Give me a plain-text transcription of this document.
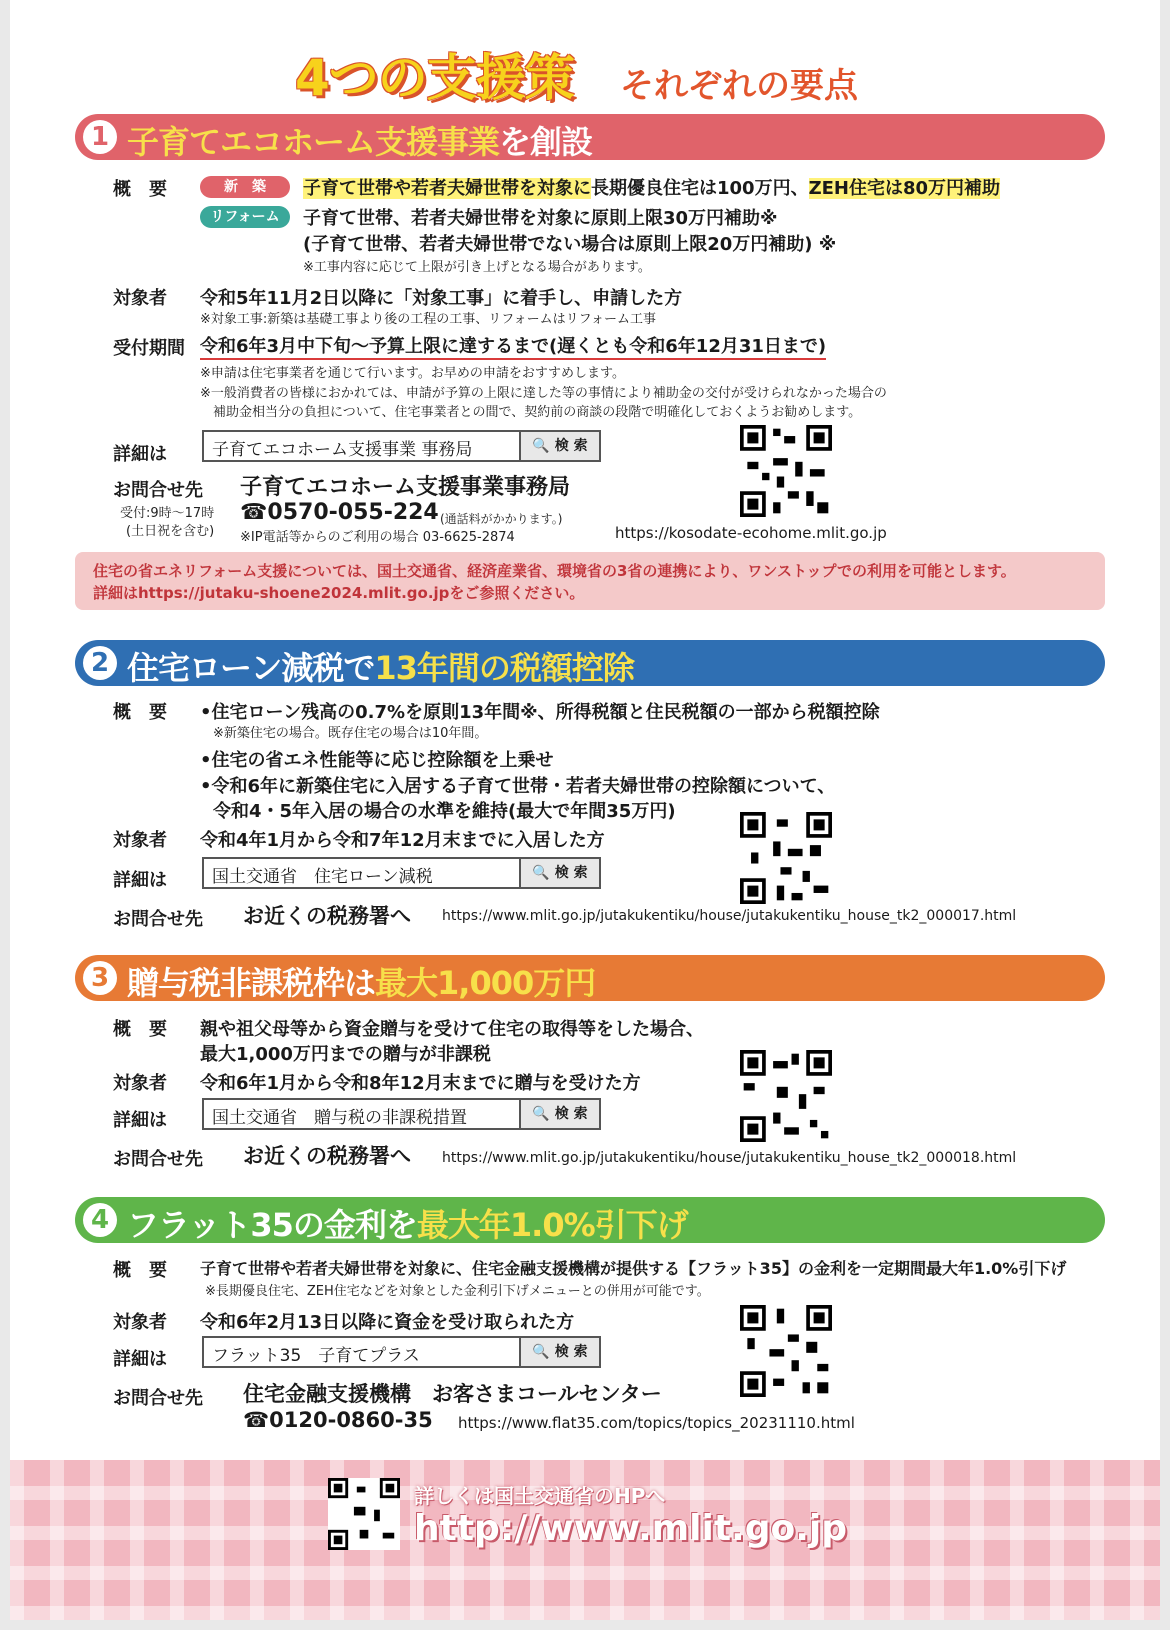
4つの支援策 それぞれの要点
1 子育てエコホーム支援事業を創設
概　要	新　築	子育て世帯や若者夫婦世帯を対象に長期優良住宅は100万円、ZEH住宅は80万円補助
リフォーム	子育て世帯、若者夫婦世帯を対象に原則上限30万円補助※
(子育て世帯、若者夫婦世帯でない場合は原則上限20万円補助) ※
※工事内容に応じて上限が引き上げとなる場合があります。
対象者 令和5年11月2日以降に「対象工事」に着手し、申請した方
※対象工事:新築は基礎工事より後の工程の工事、リフォームはリフォーム工事
受付期間 令和6年3月中下旬〜予算上限に達するまで(遅くとも令和6年12月31日まで)
※申請は住宅事業者を通じて行います。お早めの申請をおすすめします。
※一般消費者の皆様におかれては、申請が予算の上限に達した等の事情により補助金の交付が受けられなかった場合の
補助金相当分の負担について、住宅事業者との間で、契約前の商談の段階で明確化しておくようお勧めします。
詳細は	子育てエコホーム支援事業 事務局	🔍 検 索
お問合せ先
受付:9時〜17時
(土日祝を含む)
子育てエコホーム支援事業事務局
☎0570-055-224 (通話料がかかります。)
※IP電話等からのご利用の場合 03-6625-2874	https://kosodate-ecohome.mlit.go.jp
住宅の省エネリフォーム支援については、国土交通省、経済産業省、環境省の3省の連携により、ワンストップでの利用を可能とします。
詳細はhttps://jutaku-shoene2024.mlit.go.jpをご参照ください。
2 住宅ローン減税で13年間の税額控除
概　要 •住宅ローン残高の0.7%を原則13年間※、所得税額と住民税額の一部から税額控除
※新築住宅の場合。既存住宅の場合は10年間。
•住宅の省エネ性能等に応じ控除額を上乗せ
•令和6年に新築住宅に入居する子育て世帯・若者夫婦世帯の控除額について、
令和4・5年入居の場合の水準を維持(最大で年間35万円)
対象者 令和4年1月から令和7年12月末までに入居した方
詳細は	国土交通省　住宅ローン減税	🔍 検 索
お問合せ先 お近くの税務署へ https://www.mlit.go.jp/jutakukentiku/house/jutakukentiku_house_tk2_000017.html
3 贈与税非課税枠は最大1,000万円
概　要 親や祖父母等から資金贈与を受けて住宅の取得等をした場合、
最大1,000万円までの贈与が非課税
対象者 令和6年1月から令和8年12月末までに贈与を受けた方
詳細は	国土交通省　贈与税の非課税措置	🔍 検 索
お問合せ先 お近くの税務署へ https://www.mlit.go.jp/jutakukentiku/house/jutakukentiku_house_tk2_000018.html
4 フラット35の金利を最大年1.0%引下げ
概　要 子育て世帯や若者夫婦世帯を対象に、住宅金融支援機構が提供する【フラット35】の金利を一定期間最大年1.0%引下げ
※長期優良住宅、ZEH住宅などを対象とした金利引下げメニューとの併用が可能です。
対象者 令和6年2月13日以降に資金を受け取られた方
詳細は	フラット35　子育てプラス	🔍 検 索
お問合せ先 住宅金融支援機構　お客さまコールセンター
☎0120-0860-35 https://www.flat35.com/topics/topics_20231110.html
詳しくは国土交通省のHPへ
http://www.mlit.go.jp
